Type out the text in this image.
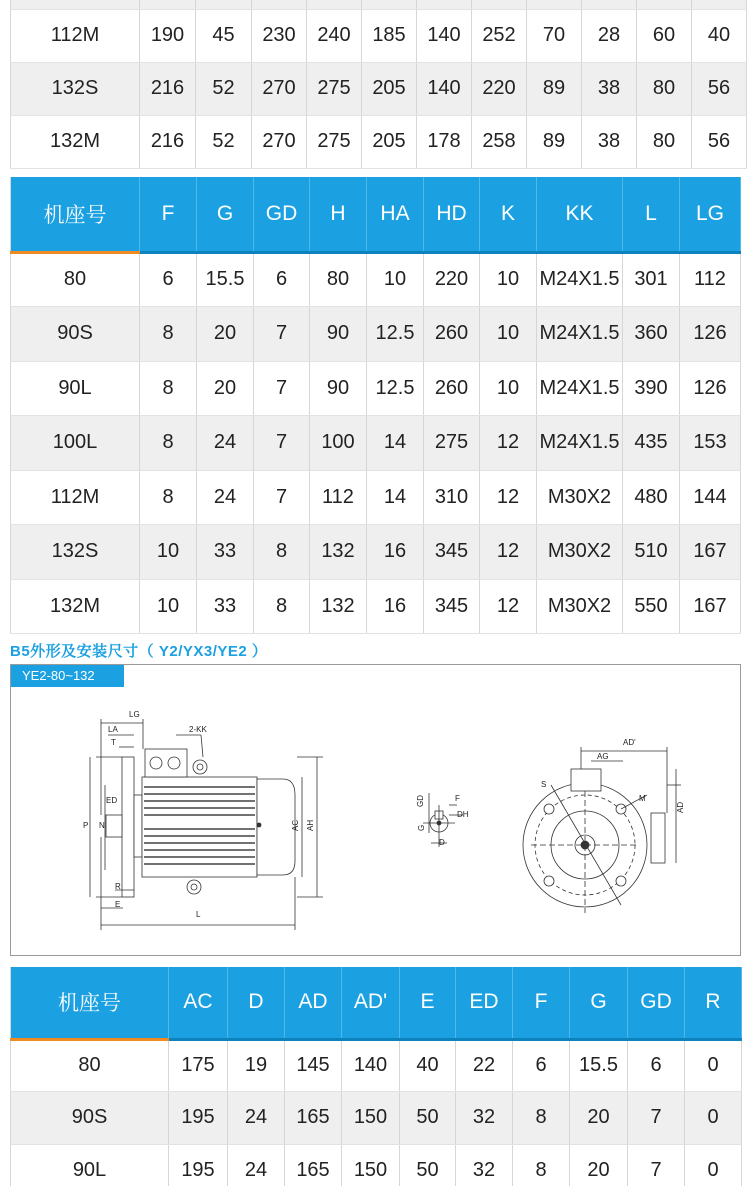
112M	190	45	230	240	185	140	252	70	28	60	40
132S	216	52	270	275	205	140	220	89	38	80	56
132M	216	52	270	275	205	178	258	89	38	80	56
机座号	F	G	GD	H	HA	HD	K	KK	L	LG
80	6	15.5	6	80	10	220	10	M24X1.5	301	112
90S	8	20	7	90	12.5	260	10	M24X1.5	360	126
90L	8	20	7	90	12.5	260	10	M24X1.5	390	126
100L	8	24	7	100	14	275	12	M24X1.5	435	153
112M	8	24	7	112	14	310	12	M30X2	480	144
132S	10	33	8	132	16	345	12	M30X2	510	167
132M	10	33	8	132	16	345	12	M30X2	550	167
B5外形及安装尺寸（ Y2/YX3/YE2 ）
YE2-80~132
LG
LA
T
2-KK
ED
P N	AC AH
R
E
L
GD	F
DH
G
D
AD'
AG
S
M
AD
机座号	AC	D	AD	AD'	E	ED	F	G	GD	R
80	175	19	145	140	40	22	6	15.5	6	0
90S	195	24	165	150	50	32	8	20	7	0
90L	195	24	165	150	50	32	8	20	7	0
